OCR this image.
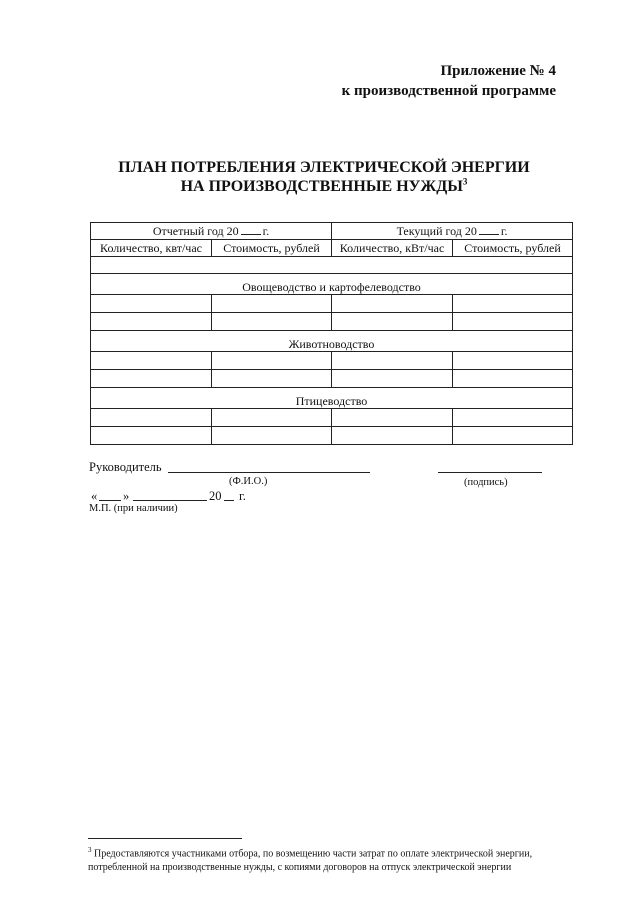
Приложение № 4
к производственной программе
ПЛАН ПОТРЕБЛЕНИЯ ЭЛЕКТРИЧЕСКОЙ ЭНЕРГИИ
НА ПРОИЗВОДСТВЕННЫЕ НУЖДЫ$^3$
Отчетный год 20 г.		Текущий год 20 г.	
Количество, квт/час	Стоимость, рублей	Количество, кВт/час	Стоимость, рублей

Овощеводство и картофелеводство			

Животноводство			

Птицеводство			

Руководитель
(Ф.И.О.)	(подпись)
« »	20 г.
М.П. (при наличии)
$^3$ Предоставляются участниками отбора, по возмещению части затрат по оплате электрической энергии, потребленной на производственные нужды, с копиями договоров на отпуск электрической энергии
